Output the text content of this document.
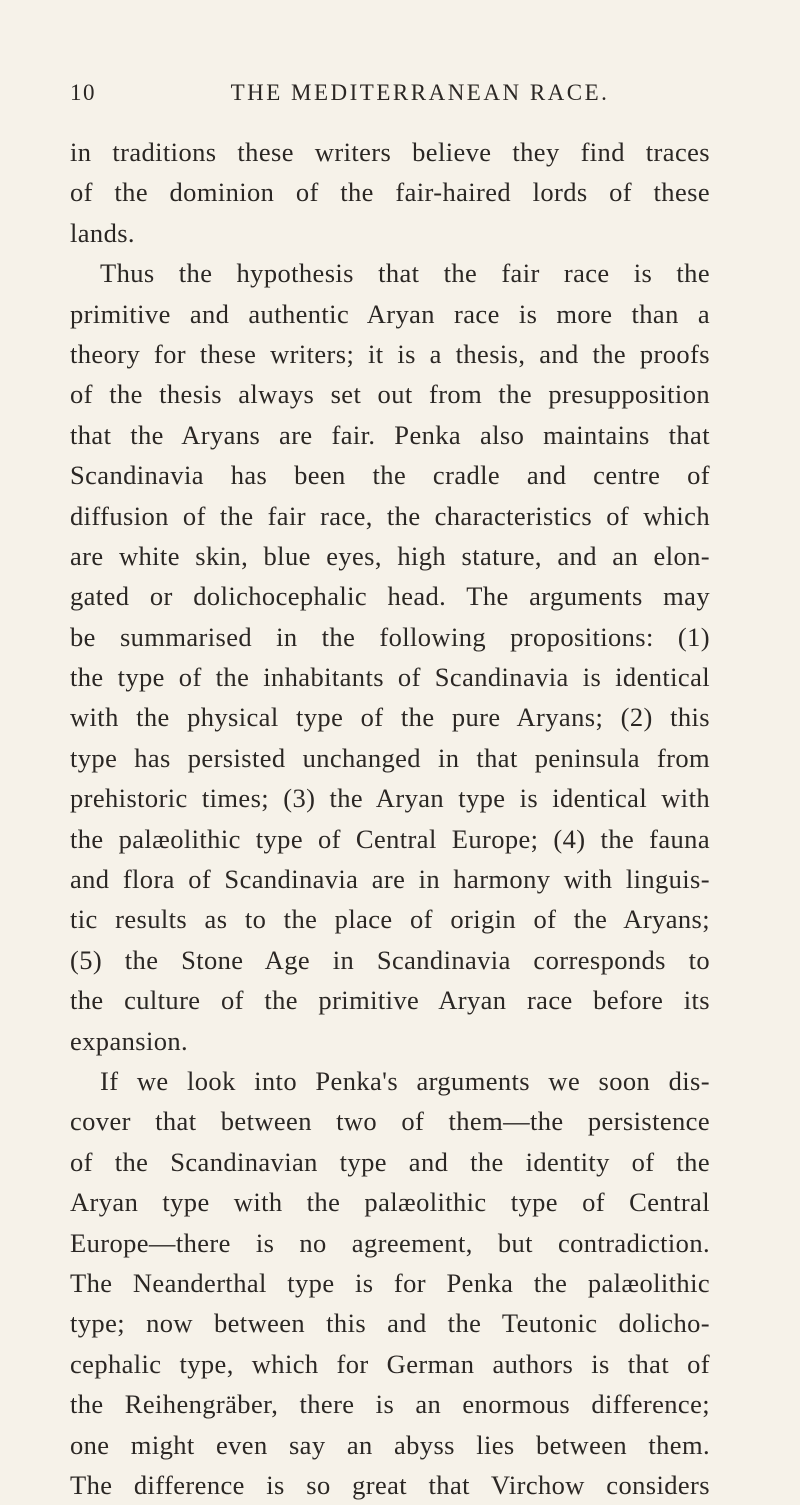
10	THE MEDITERRANEAN RACE.
in traditions these writers believe they find traces
of the dominion of the fair-haired lords of these
lands.
Thus the hypothesis that the fair race is the
primitive and authentic Aryan race is more than a
theory for these writers; it is a thesis, and the proofs
of the thesis always set out from the presupposition
that the Aryans are fair. Penka also maintains that
Scandinavia has been the cradle and centre of
diffusion of the fair race, the characteristics of which
are white skin, blue eyes, high stature, and an elon-
gated or dolichocephalic head. The arguments may
be summarised in the following propositions: (1)
the type of the inhabitants of Scandinavia is identical
with the physical type of the pure Aryans; (2) this
type has persisted unchanged in that peninsula from
prehistoric times; (3) the Aryan type is identical with
the palæolithic type of Central Europe; (4) the fauna
and flora of Scandinavia are in harmony with linguis-
tic results as to the place of origin of the Aryans;
(5) the Stone Age in Scandinavia corresponds to
the culture of the primitive Aryan race before its
expansion.
If we look into Penka's arguments we soon dis-
cover that between two of them—the persistence
of the Scandinavian type and the identity of the
Aryan type with the palæolithic type of Central
Europe—there is no agreement, but contradiction.
The Neanderthal type is for Penka the palæolithic
type; now between this and the Teutonic dolicho-
cephalic type, which for German authors is that of
the Reihengräber, there is an enormous difference;
one might even say an abyss lies between them.
The difference is so great that Virchow considers
